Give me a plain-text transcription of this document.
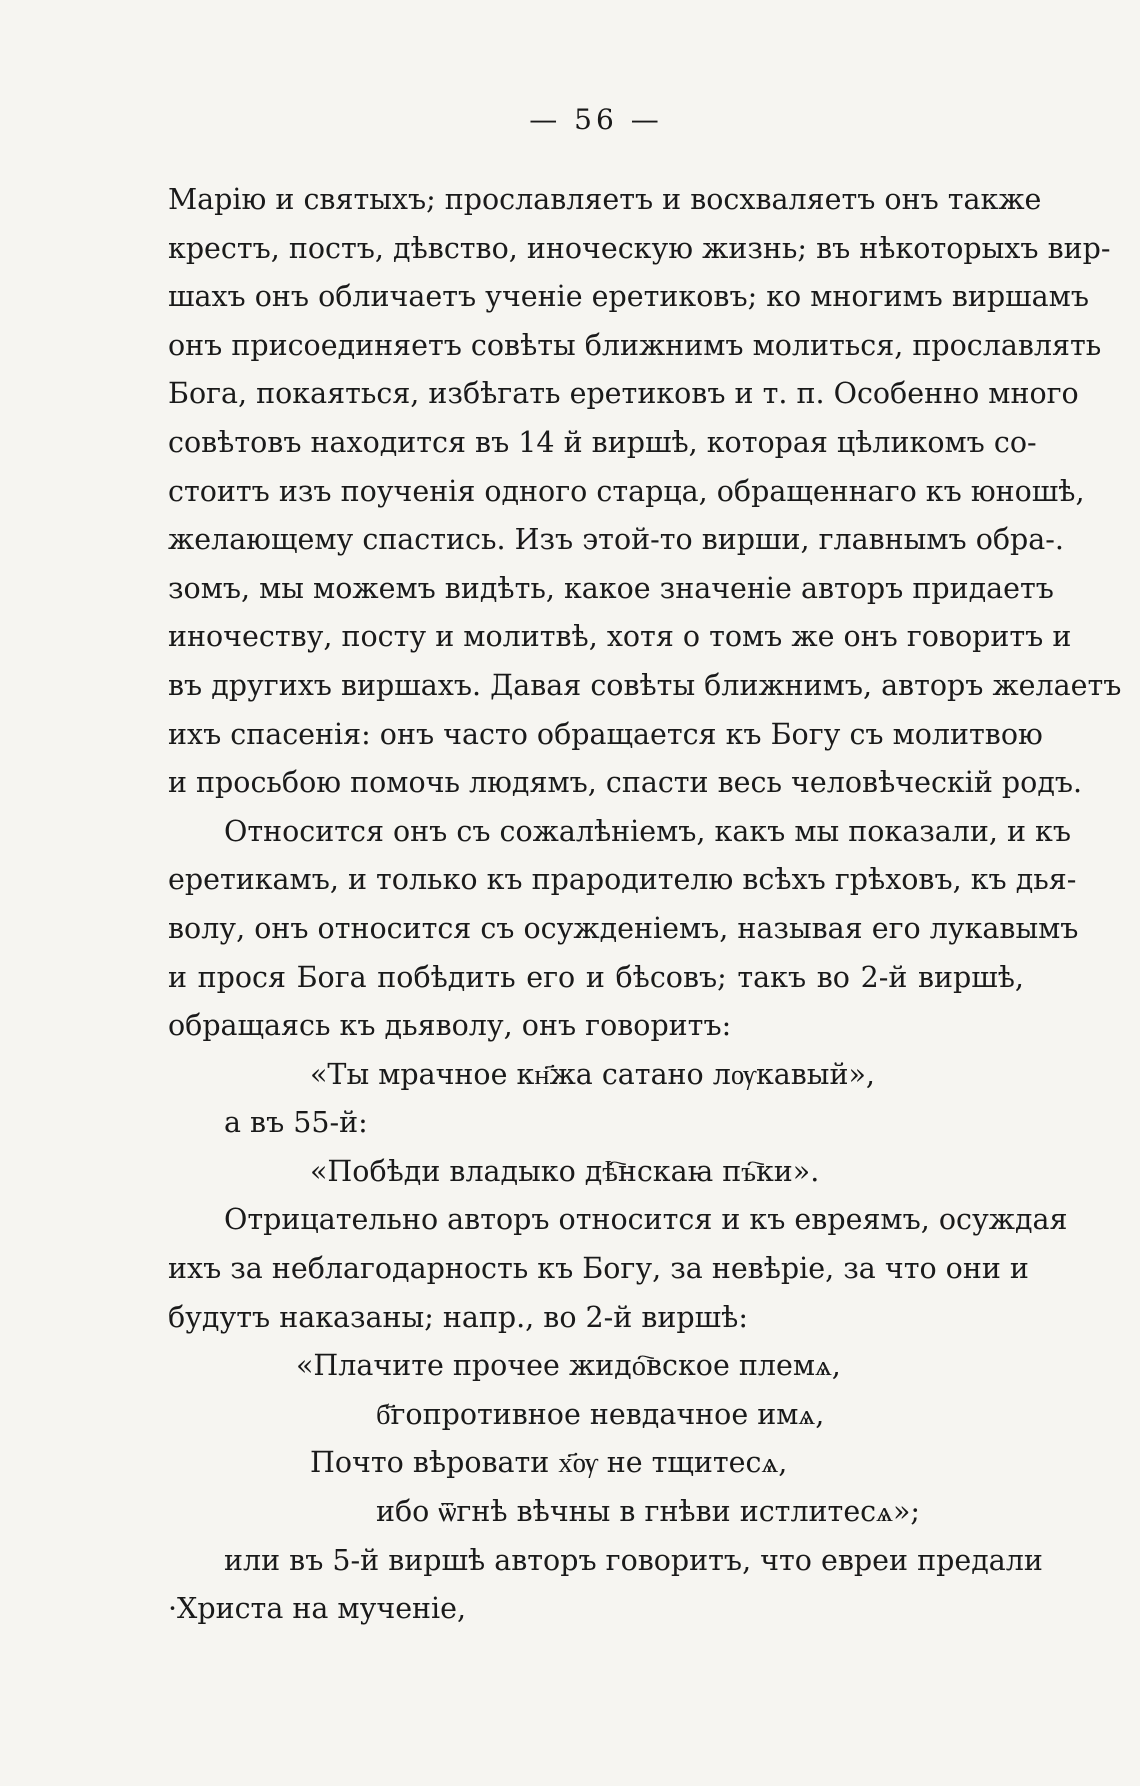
— 56 —
Марію и святыхъ; прославляетъ и восхваляетъ онъ также
крестъ, постъ, дѣвство, иноческую жизнь; въ нѣкоторыхъ вир-
шахъ онъ обличаетъ ученіе еретиковъ; ко многимъ виршамъ
онъ присоединяетъ совѣты ближнимъ молиться, прославлять
Бога, покаяться, избѣгать еретиковъ и т. п. Особенно много
совѣтовъ находится въ 14 й виршѣ, которая цѣликомъ со-
стоитъ изъ поученія одного старца, обращеннаго къ юношѣ,
желающему спастись. Изъ этой-то вирши, главнымъ обра-.
зомъ, мы можемъ видѣть, какое значеніе авторъ придаетъ
иночеству, посту и молитвѣ, хотя о томъ же онъ говоритъ и
въ другихъ виршахъ. Давая совѣты ближнимъ, авторъ желаетъ
ихъ спасенія: онъ часто обращается къ Богу съ молитвою
и просьбою помочь людямъ, спасти весь человѣческій родъ.
Относится онъ съ сожалѣніемъ, какъ мы показали, и къ
еретикамъ, и только къ прародителю всѣхъ грѣховъ, къ дья-
волу, онъ относится съ осужденіемъ, называя его лукавымъ
и прося Бога побѣдить его и бѣсовъ; такъ во 2-й виршѣ,
обращаясь къ дьяволу, онъ говоритъ:
«Ты мрачное кн҃жа сатано лѹкавый»,
а въ 55-й:
«Побѣди владыко дѣ҇нскаꙗ пъ҇ки».
Отрицательно авторъ относится и къ евреямъ, осуждая
ихъ за неблагодарность къ Богу, за невѣріе, за что они и
будутъ наказаны; напр., во 2-й виршѣ:
«Плачите прочее жидо҇вское племѧ,
б҃гопротивное невдачное имѧ,
Почто вѣровати х҃ѹ не тщитесѧ,
ибо ѿгнѣ вѣчны в гнѣви истлитесѧ»;
или въ 5-й виршѣ авторъ говоритъ, что евреи предали
·Христа на мученіе,
